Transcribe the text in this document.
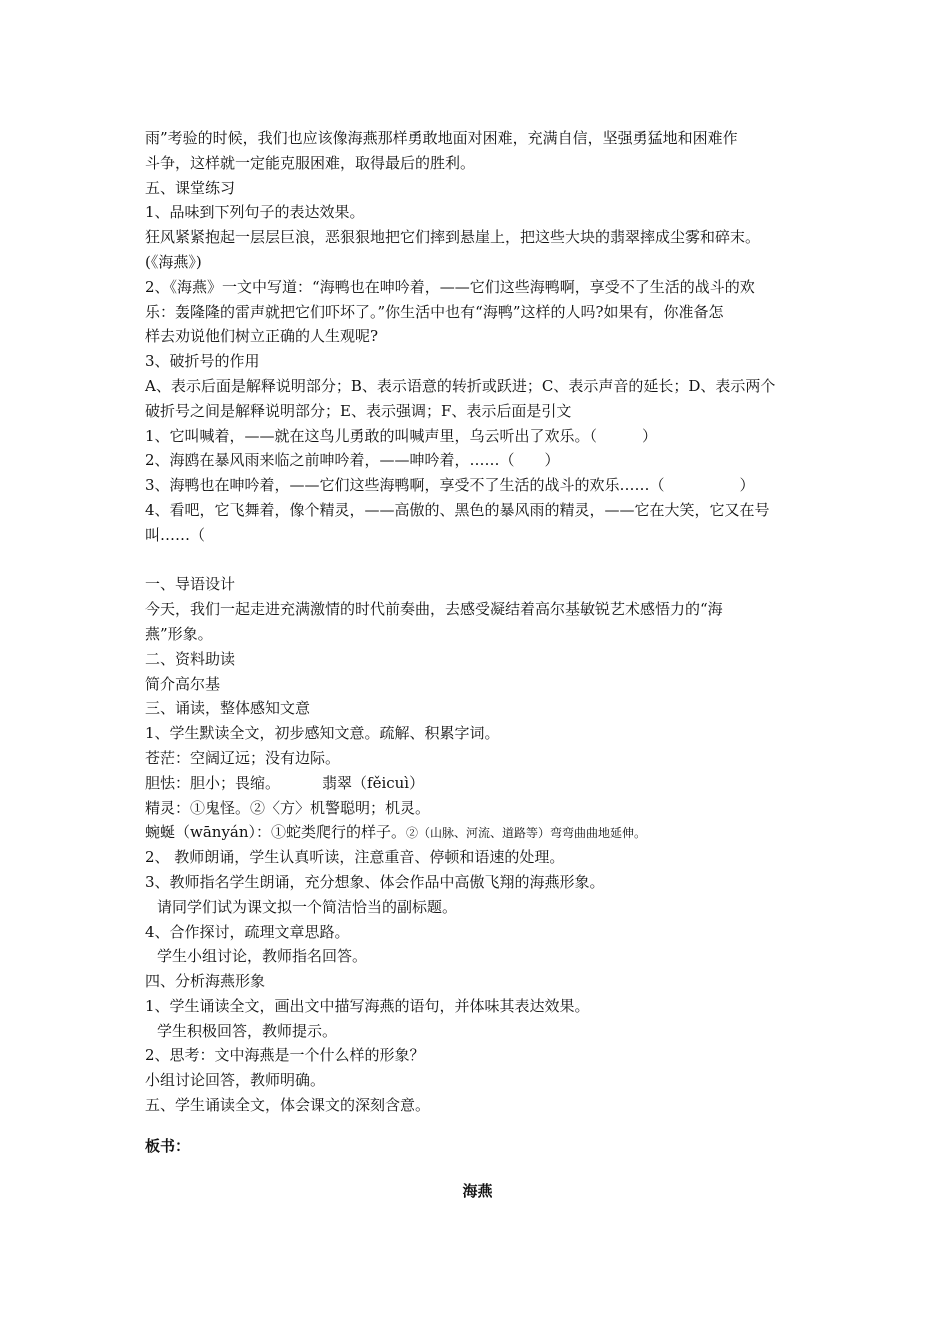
雨”考验的时候，我们也应该像海燕那样勇敢地面对困难，充满自信，坚强勇猛地和困难作
斗争，这样就一定能克服困难，取得最后的胜利。
五、课堂练习
1、品味到下列句子的表达效果。
狂风紧紧抱起一层层巨浪，恶狠狠地把它们摔到悬崖上，把这些大块的翡翠摔成尘雾和碎末。
(《海燕》)
2、《海燕》一文中写道：“海鸭也在呻吟着，——它们这些海鸭啊，享受不了生活的战斗的欢
乐：轰隆隆的雷声就把它们吓坏了。”你生活中也有“海鸭”这样的人吗?如果有，你准备怎
样去劝说他们树立正确的人生观呢?
3、破折号的作用
A、表示后面是解释说明部分；B、表示语意的转折或跃进；C、表示声音的延长；D、表示两个
破折号之间是解释说明部分；E、表示强调；F、表示后面是引文
1、它叫喊着，——就在这鸟儿勇敢的叫喊声里，乌云听出了欢乐。（　　　）
2、海鸥在暴风雨来临之前呻吟着，——呻吟着，……（　　）
3、海鸭也在呻吟着，——它们这些海鸭啊，享受不了生活的战斗的欢乐……（　　　　　）
4、看吧，它飞舞着，像个精灵，——高傲的、黑色的暴风雨的精灵，——它在大笑，它又在号
叫……（
一、导语设计
今天，我们一起走进充满激情的时代前奏曲，去感受凝结着高尔基敏锐艺术感悟力的“海
燕”形象。
二、资料助读
简介高尔基
三、诵读，整体感知文意
1、学生默读全文，初步感知文意。疏解、积累字词。
苍茫：空阔辽远；没有边际。
胆怯：胆小；畏缩。	翡翠（fěicuì）
精灵：①鬼怪。②〈方〉机警聪明；机灵。
蜿蜒（wānyán）：①蛇类爬行的样子。②（山脉、河流、道路等）弯弯曲曲地延伸。
2、 教师朗诵，学生认真听读，注意重音、停顿和语速的处理。
3、教师指名学生朗诵，充分想象、体会作品中高傲飞翔的海燕形象。
请同学们试为课文拟一个简洁恰当的副标题。
4、合作探讨，疏理文章思路。
学生小组讨论，教师指名回答。
四、分析海燕形象
1、学生诵读全文，画出文中描写海燕的语句，并体味其表达效果。
学生积极回答，教师提示。
2、思考：文中海燕是一个什么样的形象？
小组讨论回答，教师明确。
五、学生诵读全文，体会课文的深刻含意。
板书：
海燕
